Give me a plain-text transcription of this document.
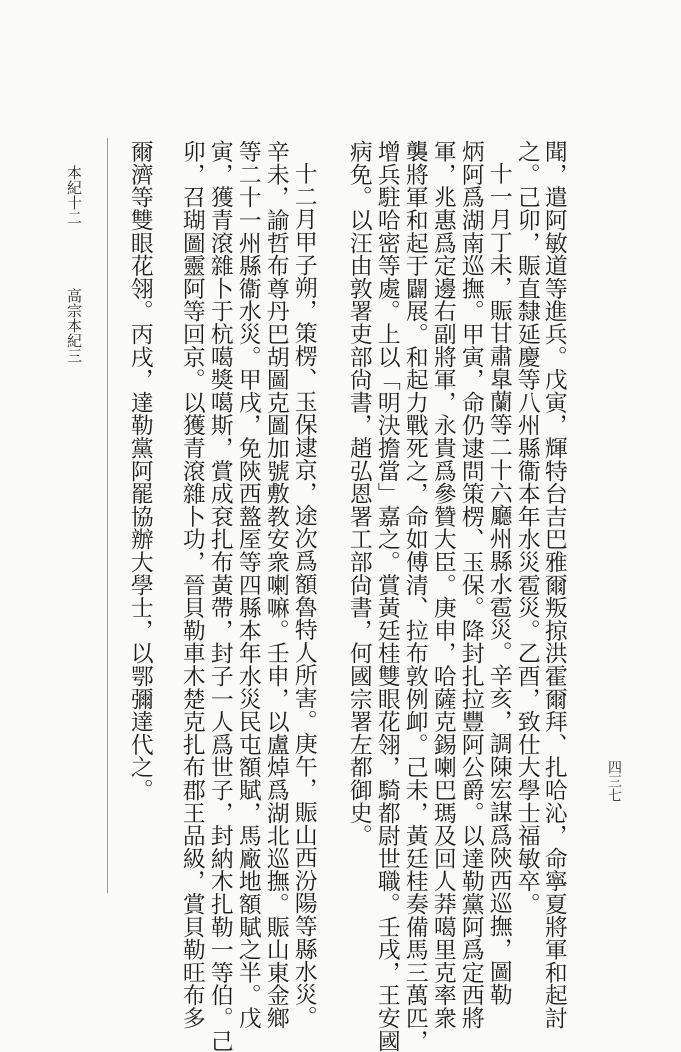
本紀十二
高宗本紀三
四三七
聞，遣阿敏道等進兵。戊寅，輝特台吉巴雅爾叛掠洪霍爾拜、扎哈沁，命寧夏將軍和起討
之。己卯，賑直隸延慶等八州縣衞本年水災雹災。乙酉，致仕大學士福敏卒。
十一月丁未，賑甘肅臯蘭等二十六廳州縣水雹災。辛亥，調陳宏謀爲陝西巡撫，圖勒
炳阿爲湖南巡撫。甲寅，命仍逮問策楞、玉保。降封扎拉豐阿公爵。以達勒黨阿爲定西將
軍，兆惠爲定邊右副將軍，永貴爲參贊大臣。庚申，哈薩克錫喇巴瑪及回人莽噶里克率衆
襲將軍和起于闢展。和起力戰死之，命如傅清、拉布敦例卹。己未，黃廷桂奏備馬三萬匹，
增兵駐哈密等處。上以「明決擔當」嘉之。賞黃廷桂雙眼花翎，騎都尉世職。壬戌，王安國
病免。以汪由敦署吏部尙書，趙弘恩署工部尙書，何國宗署左都御史。
十二月甲子朔，策楞、玉保逮京，途次爲額魯特人所害。庚午，賑山西汾陽等縣水災。
辛未，諭哲布尊丹巴胡圖克圖加號敷教安衆喇嘛。壬申，以盧焯爲湖北巡撫。賑山東金鄉
等二十一州縣衞水災。甲戌，免陝西盩厔等四縣本年水災民屯額賦，馬廠地額賦之半。戊
寅，獲青滾雜卜于杭噶獎噶斯，賞成袞扎布黃帶，封子一人爲世子，封納木扎勒一等伯。己
卯，召瑚圖靈阿等回京。以獲青滾雜卜功，晉貝勒車木楚克扎布郡王品級，賞貝勒旺布多
爾濟等雙眼花翎。丙戌，達勒黨阿罷協辦大學士，以鄂彌達代之。
